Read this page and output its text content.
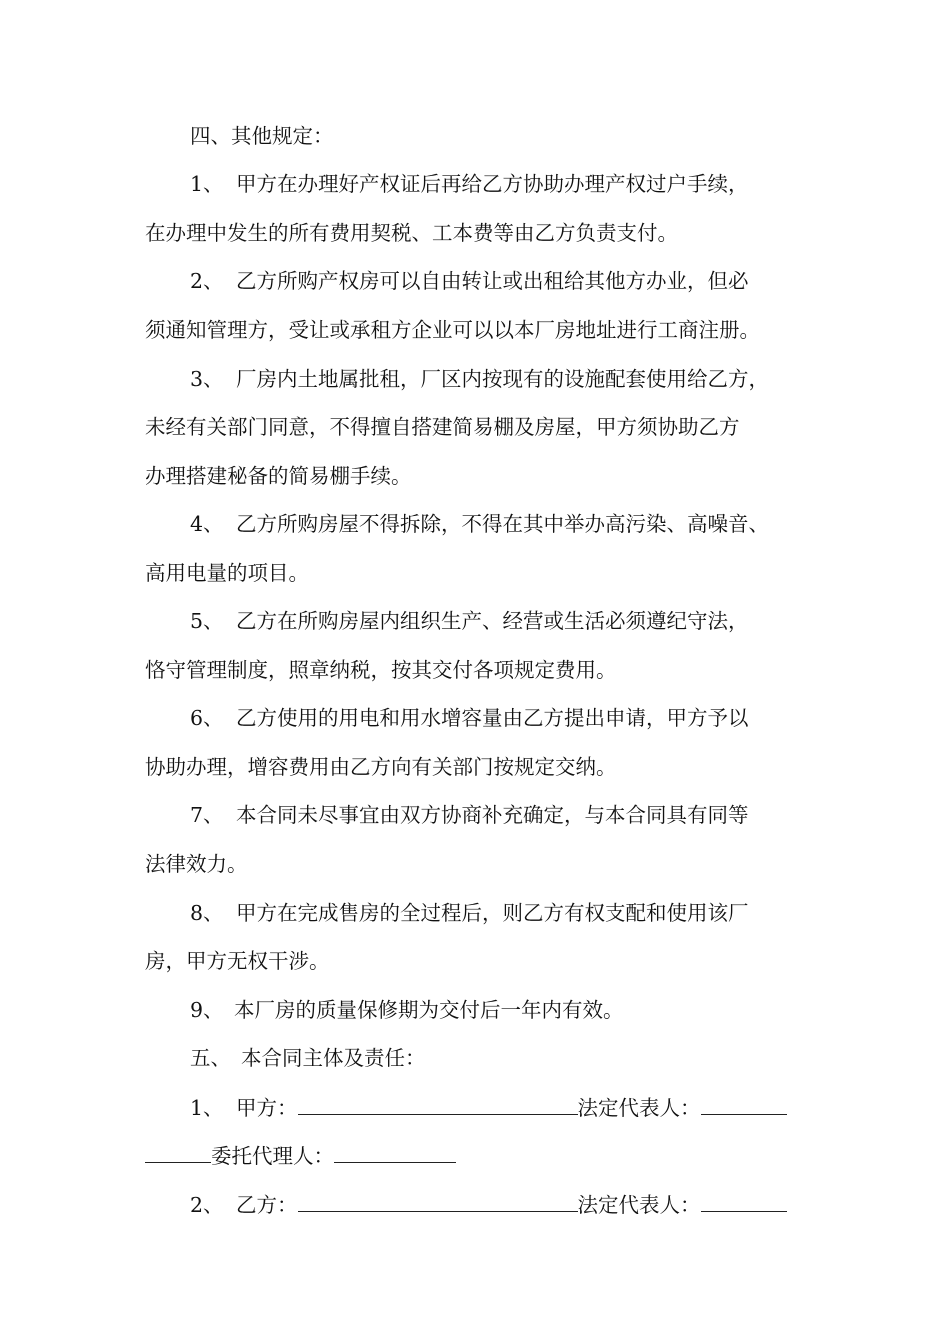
四、其他规定：
1、 甲方在办理好产权证后再给乙方协助办理产权过户手续，
在办理中发生的所有费用契税、工本费等由乙方负责支付。
2、 乙方所购产权房可以自由转让或出租给其他方办业，但必
须通知管理方，受让或承租方企业可以以本厂房地址进行工商注册。
3、 厂房内土地属批租，厂区内按现有的设施配套使用给乙方，
未经有关部门同意，不得擅自搭建简易棚及房屋，甲方须协助乙方
办理搭建秘备的简易棚手续。
4、 乙方所购房屋不得拆除，不得在其中举办高污染、高噪音、
高用电量的项目。
5、 乙方在所购房屋内组织生产、经营或生活必须遵纪守法，
恪守管理制度，照章纳税，按其交付各项规定费用。
6、 乙方使用的用电和用水增容量由乙方提出申请，甲方予以
协助办理，增容费用由乙方向有关部门按规定交纳。
7、 本合同未尽事宜由双方协商补充确定，与本合同具有同等
法律效力。
8、 甲方在完成售房的全过程后，则乙方有权支配和使用该厂
房，甲方无权干涉。
9、 本厂房的质量保修期为交付后一年内有效。
五、 本合同主体及责任：
1、 甲方：	法定代表人：
委托代理人：
2、 乙方：	法定代表人：
